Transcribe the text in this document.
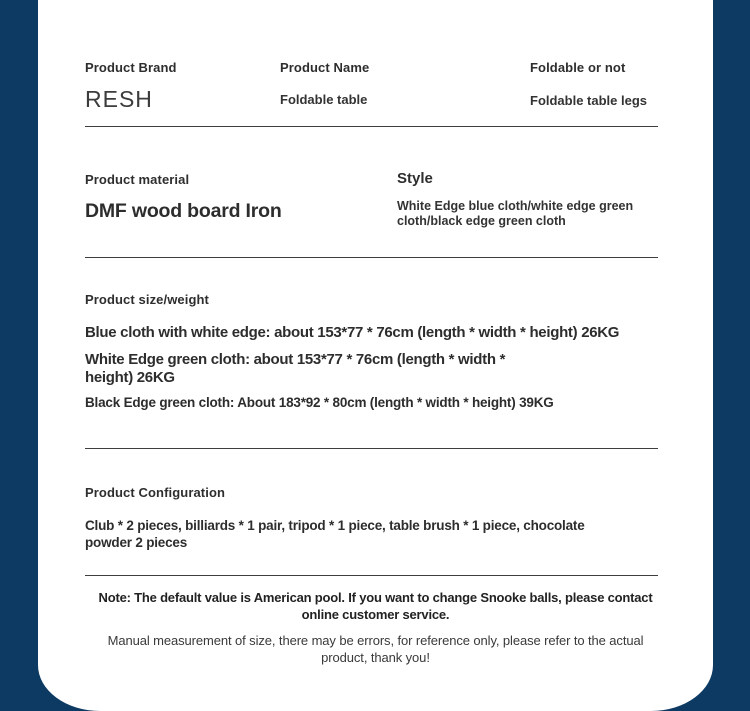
Product Brand	Product Name	Foldable or not
RESH	Foldable table	Foldable table legs
Product material	Style
DMF wood board Iron	White Edge blue cloth/white edge green
cloth/black edge green cloth
Product size/weight
Blue cloth with white edge: about 153*77 * 76cm (length * width * height) 26KG
White Edge green cloth: about 153*77 * 76cm (length * width *
height) 26KG
Black Edge green cloth: About 183*92 * 80cm (length * width * height) 39KG
Product Configuration
Club * 2 pieces, billiards * 1 pair, tripod * 1 piece, table brush * 1 piece, chocolate
powder 2 pieces
Note: The default value is American pool. If you want to change Snooke balls, please contact
online customer service.
Manual measurement of size, there may be errors, for reference only, please refer to the actual
product, thank you!
